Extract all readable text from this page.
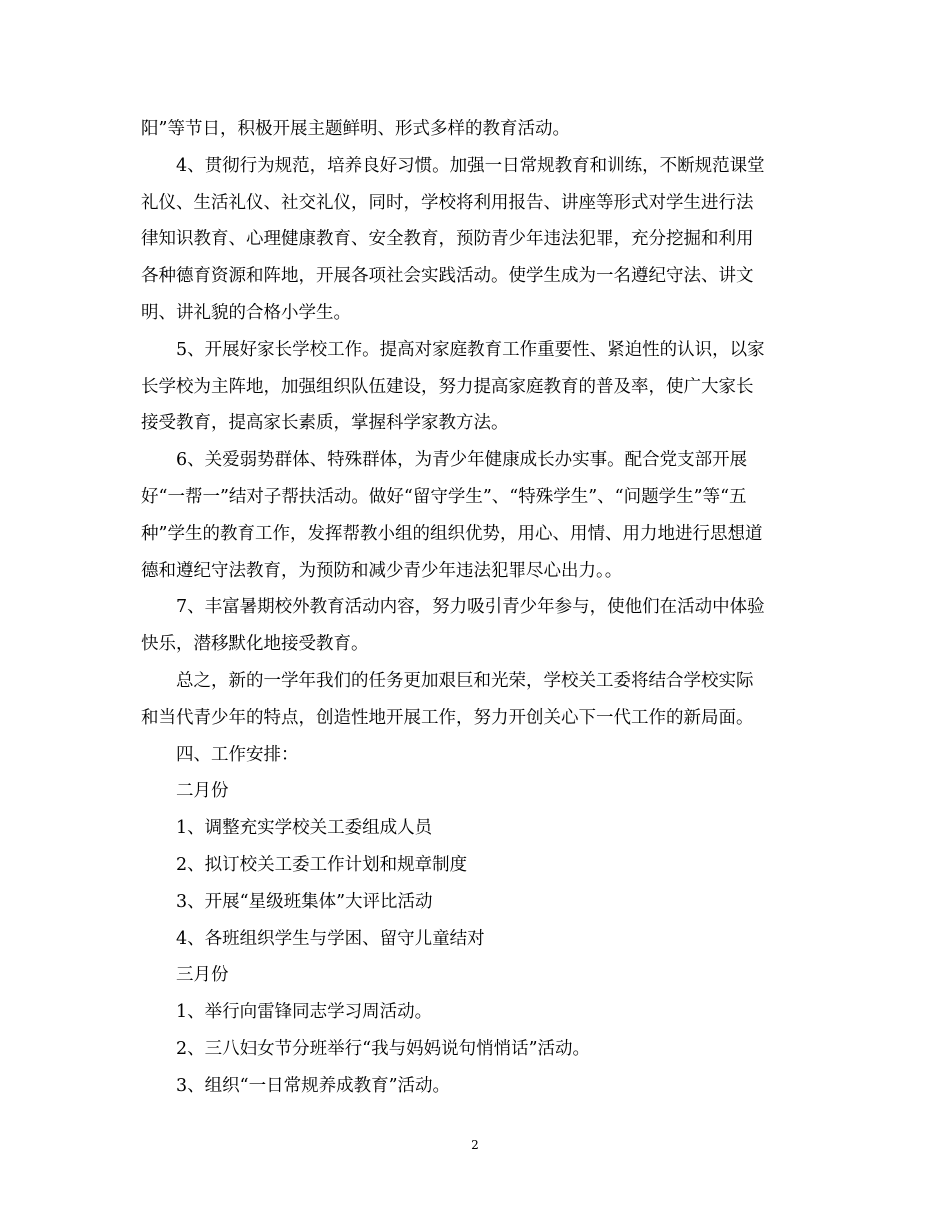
阳”等节日，积极开展主题鲜明、形式多样的教育活动。
4、贯彻行为规范，培养良好习惯。加强一日常规教育和训练，不断规范课堂
礼仪、生活礼仪、社交礼仪，同时，学校将利用报告、讲座等形式对学生进行法
律知识教育、心理健康教育、安全教育，预防青少年违法犯罪，充分挖掘和利用
各种德育资源和阵地，开展各项社会实践活动。使学生成为一名遵纪守法、讲文
明、讲礼貌的合格小学生。
5、开展好家长学校工作。提高对家庭教育工作重要性、紧迫性的认识，以家
长学校为主阵地，加强组织队伍建设，努力提高家庭教育的普及率，使广大家长
接受教育，提高家长素质，掌握科学家教方法。
6、关爱弱势群体、特殊群体，为青少年健康成长办实事。配合党支部开展
好“一帮一”结对子帮扶活动。做好“留守学生”、“特殊学生”、“问题学生”等“五
种”学生的教育工作，发挥帮教小组的组织优势，用心、用情、用力地进行思想道
德和遵纪守法教育，为预防和减少青少年违法犯罪尽心出力。。
7、丰富暑期校外教育活动内容，努力吸引青少年参与，使他们在活动中体验
快乐，潜移默化地接受教育。
总之，新的一学年我们的任务更加艰巨和光荣，学校关工委将结合学校实际
和当代青少年的特点，创造性地开展工作，努力开创关心下一代工作的新局面。
四、工作安排：
二月份
1、调整充实学校关工委组成人员
2、拟订校关工委工作计划和规章制度
3、开展“星级班集体”大评比活动
4、各班组织学生与学困、留守儿童结对
三月份
1、举行向雷锋同志学习周活动。
2、三八妇女节分班举行“我与妈妈说句悄悄话”活动。
3、组织“一日常规养成教育”活动。
2
